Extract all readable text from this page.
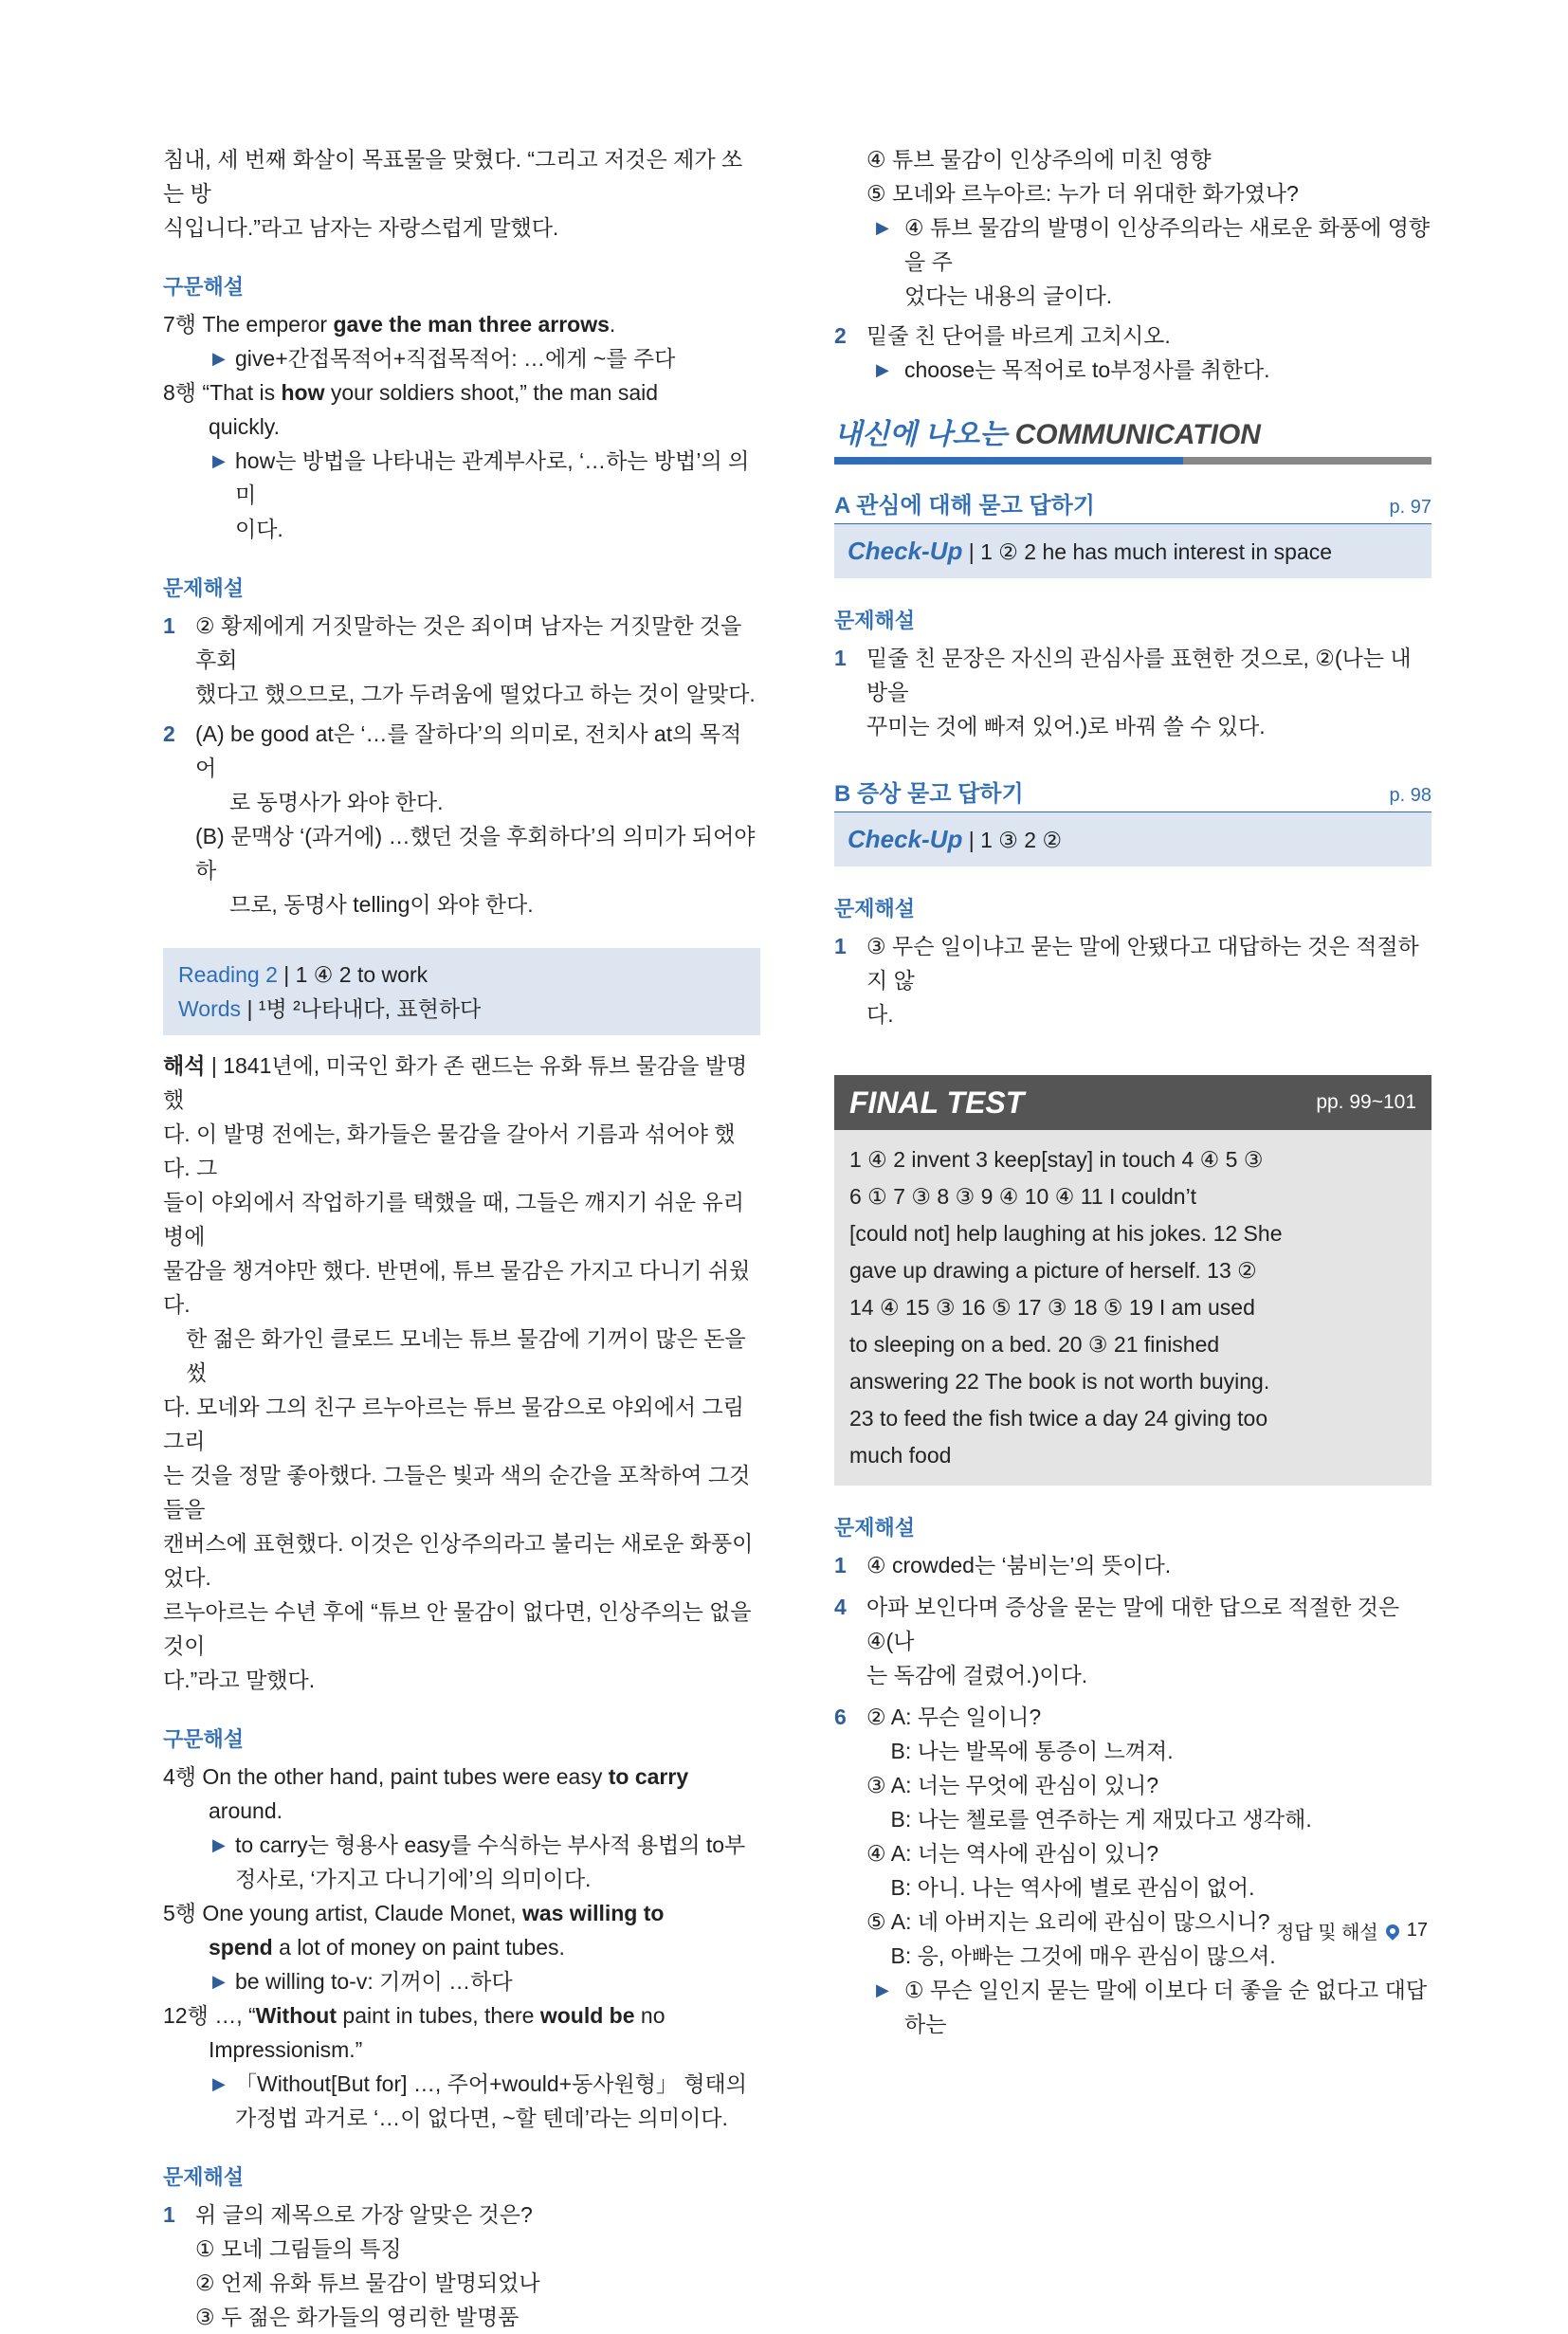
침내, 세 번째 화살이 목표물을 맞혔다. “그리고 저것은 제가 쏘는 방

식입니다.”라고 남자는 자랑스럽게 말했다.

구문해설

7행 The emperor gave the man three arrows.

▶ give+간접목적어+직접목적어: …에게 ~를 주다

8행 “That is how your soldiers shoot,” the man said

quickly.

▶ how는 방법을 나타내는 관계부사로, ‘…하는 방법’의 의미
이다.
문제해설
1 ② 황제에게 거짓말하는 것은 죄이며 남자는 거짓말한 것을 후회
했다고 했으므로, 그가 두려움에 떨었다고 하는 것이 알맞다.
2 (A) be good at은 ‘…를 잘하다’의 의미로, 전치사 at의 목적어
로 동명사가 와야 한다.
(B) 문맥상 ‘(과거에) …했던 것을 후회하다’의 의미가 되어야 하
므로, 동명사 telling이 와야 한다.

Reading 2 | 1 ④ 2 to work

Words | ¹병 ²나타내다, 표현하다

해석 | 1841년에, 미국인 화가 존 랜드는 유화 튜브 물감을 발명했

다. 이 발명 전에는, 화가들은 물감을 갈아서 기름과 섞어야 했다. 그

들이 야외에서 작업하기를 택했을 때, 그들은 깨지기 쉬운 유리병에

물감을 챙겨야만 했다. 반면에, 튜브 물감은 가지고 다니기 쉬웠다.

한 젊은 화가인 클로드 모네는 튜브 물감에 기꺼이 많은 돈을 썼

다. 모네와 그의 친구 르누아르는 튜브 물감으로 야외에서 그림 그리

는 것을 정말 좋아했다. 그들은 빛과 색의 순간을 포착하여 그것들을

캔버스에 표현했다. 이것은 인상주의라고 불리는 새로운 화풍이었다.

르누아르는 수년 후에 “튜브 안 물감이 없다면, 인상주의는 없을 것이

다.”라고 말했다.

구문해설

4행 On the other hand, paint tubes were easy to carry

around.

▶ to carry는 형용사 easy를 수식하는 부사적 용법의 to부
정사로, ‘가지고 다니기에’의 의미이다.

5행 One young artist, Claude Monet, was willing to

spend a lot of money on paint tubes.

▶ be willing to-v: 기꺼이 …하다

12행 …, “Without paint in tubes, there would be no

Impressionism.”

▶ 「Without[But for] …, 주어+would+동사원형」 형태의
가정법 과거로 ‘…이 없다면, ~할 텐데’라는 의미이다.
문제해설
1 위 글의 제목으로 가장 알맞은 것은?
① 모네 그림들의 특징
② 언제 유화 튜브 물감이 발명되었나
③ 두 젊은 화가들의 영리한 발명품
④ 튜브 물감이 인상주의에 미친 영향
⑤ 모네와 르누아르: 누가 더 위대한 화가였나?
▶ ④ 튜브 물감의 발명이 인상주의라는 새로운 화풍에 영향을 주
었다는 내용의 글이다.
2 밑줄 친 단어를 바르게 고치시오.
▶ choose는 목적어로 to부정사를 취한다.
내신에 나오는 COMMUNICATION
A 관심에 대해 묻고 답하기	p. 97
Check-Up | 1 ② 2 he has much interest in space
문제해설
1 밑줄 친 문장은 자신의 관심사를 표현한 것으로, ②(나는 내 방을
꾸미는 것에 빠져 있어.)로 바꿔 쓸 수 있다.
B 증상 묻고 답하기	p. 98
Check-Up | 1 ③ 2 ②
문제해설
1 ③ 무슨 일이냐고 묻는 말에 안됐다고 대답하는 것은 적절하지 않
다.
FINAL TEST	pp. 99~101

1 ④ 2 invent 3 keep[stay] in touch 4 ④ 5 ③

6 ① 7 ③ 8 ③ 9 ④ 10 ④ 11 I couldn’t

[could not] help laughing at his jokes. 12 She

gave up drawing a picture of herself. 13 ②

14 ④ 15 ③ 16 ⑤ 17 ③ 18 ⑤ 19 I am used

to sleeping on a bed. 20 ③ 21 finished

answering 22 The book is not worth buying.

23 to feed the fish twice a day 24 giving too

much food

문제해설
1 ④ crowded는 ‘붐비는’의 뜻이다.
4 아파 보인다며 증상을 묻는 말에 대한 답으로 적절한 것은 ④(나
는 독감에 걸렸어.)이다.
6 ② A: 무슨 일이니?
B: 나는 발목에 통증이 느껴져.
③ A: 너는 무엇에 관심이 있니?
B: 나는 첼로를 연주하는 게 재밌다고 생각해.
④ A: 너는 역사에 관심이 있니?
B: 아니. 나는 역사에 별로 관심이 없어.
⑤ A: 네 아버지는 요리에 관심이 많으시니?
B: 응, 아빠는 그것에 매우 관심이 많으셔.
▶ ① 무슨 일인지 묻는 말에 이보다 더 좋을 순 없다고 대답하는
정답 및 해설 17
